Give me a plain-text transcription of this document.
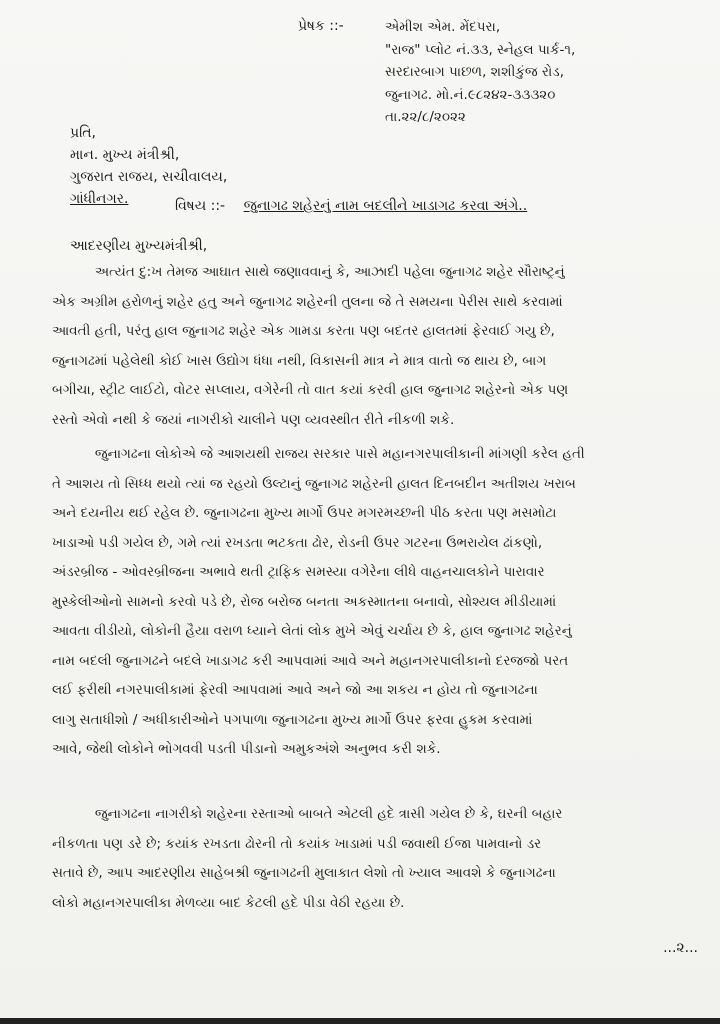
પ્રેષક ::-	એમીશ એમ. મેંદપરા,
"રાજ" પ્લોટ નં.૩૩, સ્નેહલ પાર્ક-૧,
સરદારબાગ પાછળ, શશીકુંજ રોડ,
જુનાગઢ. મો.નં.૯૮૨૪૨-૩૩૩૨૦
તા.૨૨/૮/૨૦૨૨
પ્રતિ,
માન. મુખ્ય મંત્રીશ્રી,
ગુજરાત રાજય, સચીવાલય,
ગાંધીનગર.	વિષય ::- જુનાગઢ શહેરનું નામ બદલીને ખાડાગઢ કરવા અંગે..
આદરણીય મુખ્યમંત્રીશ્રી,
અત્યંત દુ:ખ તેમજ આઘાત સાથે જણાવવાનું કે, આઝાદી પહેલા જુનાગઢ શહેર સૌરાષ્ટ્રનું
એક અગ્રીમ હરોળનું શહેર હતુ અને જુનાગઢ શહેરની તુલના જે તે સમયના પેરીસ સાથે કરવામાં
આવતી હતી, પરંતુ હાલ જુનાગઢ શહેર એક ગામડા કરતા પણ બદતર હાલતમાં ફેરવાઈ ગયુ છે,
જુનાગઢમાં પહેલેથી કોઈ ખાસ ઉદ્યોગ ધંધા નથી, વિકાસની માત્ર ને માત્ર વાતો જ થાય છે, બાગ
બગીચા, સ્ટ્રીટ લાઈટો, વોટર સપ્લાય, વગેરેની તો વાત કયાં કરવી હાલ જુનાગઢ શહેરનો એક પણ
રસ્તો એવો નથી કે જયાં નાગરીકો ચાલીને પણ વ્યવસ્થીત રીતે નીકળી શકે.
જુનાગઢના લોકોએ જે આશયથી રાજય સરકાર પાસે મહાનગરપાલીકાની માંગણી કરેલ હતી
તે આશય તો સિધ્ધ થયો ત્યાં જ રહયો ઉલ્ટાનું જુનાગઢ શહેરની હાલત દિનબદીન અતીશય ખરાબ
અને દયનીય થઈ રહેલ છે. જુનાગઢના મુખ્ય માર્ગો ઉપર મગરમચ્છની પીઠ કરતા પણ મસમોટા
ખાડાઓ પડી ગયેલ છે, ગમે ત્યાં રખડતા ભટકતા ઢોર, રોડની ઉપર ગટરના ઉભરાયેલ ઢાંકણો,
અંડરબ્રીજ - ઓવરબ્રીજના અભાવે થતી ટ્રાફિક સમસ્યા વગેરેના લીધે વાહનચાલકોને પારાવાર
મુસ્કેલીઓનો સામનો કરવો પડે છે, રોજ બરોજ બનતા અકસ્માતના બનાવો, સોશ્યલ મીડીયામાં
આવતા વીડીયો, લોકોની હૈયા વરાળ ધ્યાને લેતાં લોક મુખે એવું ચર્ચાય છે કે, હાલ જુનાગઢ શહેરનું
નામ બદલી જુનાગઢને બદલે ખાડાગઢ કરી આપવામાં આવે અને મહાનગરપાલીકાનો દરજજો પરત
લઈ ફરીથી નગરપાલીકામાં ફેરવી આપવામાં આવે અને જો આ શકય ન હોય તો જુનાગઢના
લાગુ સતાધીશો / અધીકારીઓને પગપાળા જુનાગઢના મુખ્ય માર્ગો ઉપર ફરવા હુકમ કરવામાં
આવે, જેથી લોકોને ભોગવવી પડતી પીડાનો અમુકઅંશે અનુભવ કરી શકે.
જુનાગઢના નાગરીકો શહેરના રસ્તાઓ બાબતે એટલી હદે ત્રાસી ગયેલ છે કે, ઘરની બહાર
નીકળતા પણ ડરે છે; કયાંક રખડતા ઢોરની તો કયાંક ખાડામાં પડી જવાથી ઈજા પામવાનો ડર
સતાવે છે, આપ આદરણીય સાહેબશ્રી જુનાગઢની મુલાકાત લેશો તો ખ્યાલ આવશે કે જુનાગઢના
લોકો મહાનગરપાલીકા મેળવ્યા બાદ કેટલી હદે પીડા વેઠી રહયા છે.
...૨...
